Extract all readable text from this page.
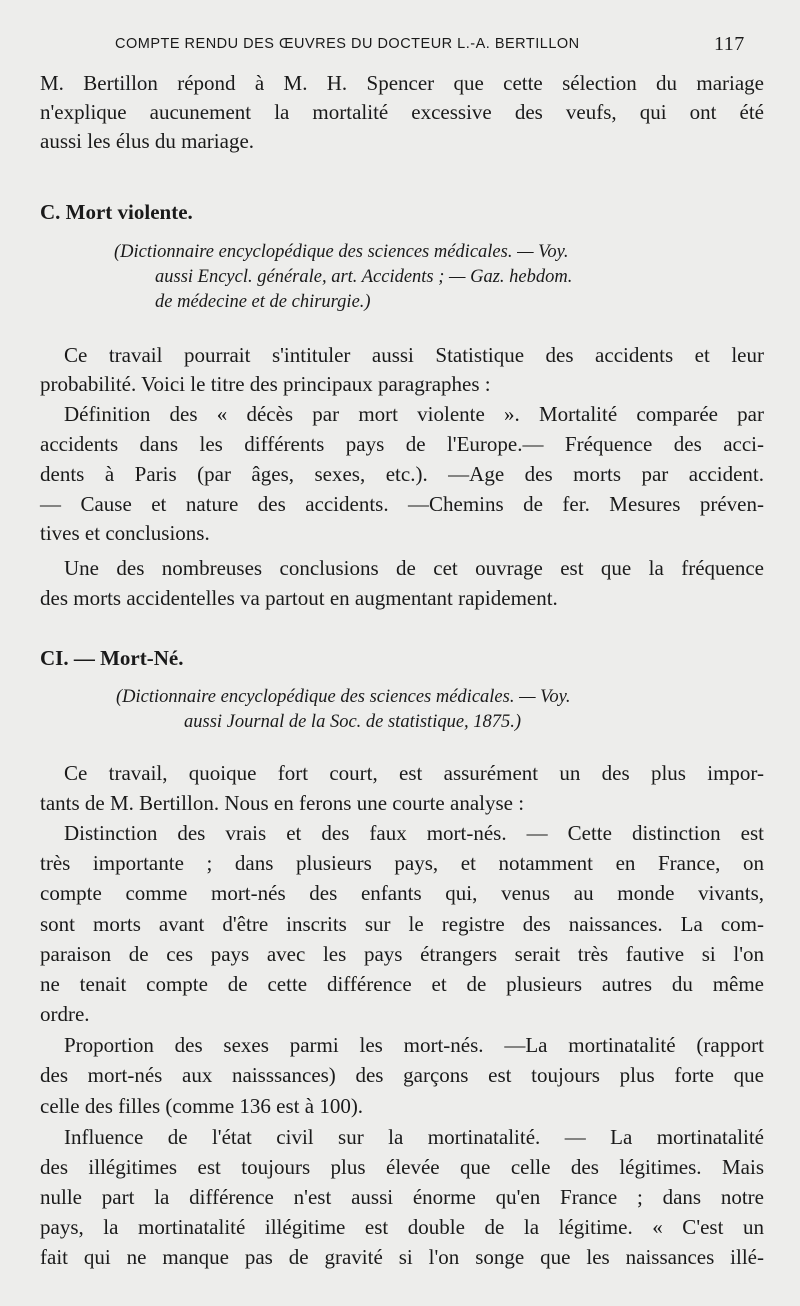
COMPTE RENDU DES ŒUVRES DU DOCTEUR L.-A. BERTILLON	117
M. Bertillon répond à M. H. Spencer que cette sélection du mariage
n'explique aucunement la mortalité excessive des veufs, qui ont été
aussi les élus du mariage.
C. Mort violente.
(Dictionnaire encyclopédique des sciences médicales. — Voy.
aussi Encycl. générale, art. Accidents ; — Gaz. hebdom.
de médecine et de chirurgie.)
Ce travail pourrait s'intituler aussi Statistique des accidents et leur
probabilité. Voici le titre des principaux paragraphes :
Définition des « décès par mort violente ». Mortalité comparée par
accidents dans les différents pays de l'Europe.— Fréquence des acci-
dents à Paris (par âges, sexes, etc.). —Age des morts par accident.
— Cause et nature des accidents. —Chemins de fer. Mesures préven-
tives et conclusions.
Une des nombreuses conclusions de cet ouvrage est que la fréquence
des morts accidentelles va partout en augmentant rapidement.
CI. — Mort-Né.
(Dictionnaire encyclopédique des sciences médicales. — Voy.
aussi Journal de la Soc. de statistique, 1875.)
Ce travail, quoique fort court, est assurément un des plus impor-
tants de M. Bertillon. Nous en ferons une courte analyse :
Distinction des vrais et des faux mort-nés. — Cette distinction est
très importante ; dans plusieurs pays, et notamment en France, on
compte comme mort-nés des enfants qui, venus au monde vivants,
sont morts avant d'être inscrits sur le registre des naissances. La com-
paraison de ces pays avec les pays étrangers serait très fautive si l'on
ne tenait compte de cette différence et de plusieurs autres du même
ordre.
Proportion des sexes parmi les mort-nés. —La mortinatalité (rapport
des mort-nés aux naisssances) des garçons est toujours plus forte que
celle des filles (comme 136 est à 100).
Influence de l'état civil sur la mortinatalité. — La mortinatalité
des illégitimes est toujours plus élevée que celle des légitimes. Mais
nulle part la différence n'est aussi énorme qu'en France ; dans notre
pays, la mortinatalité illégitime est double de la légitime. « C'est un
fait qui ne manque pas de gravité si l'on songe que les naissances illé-
